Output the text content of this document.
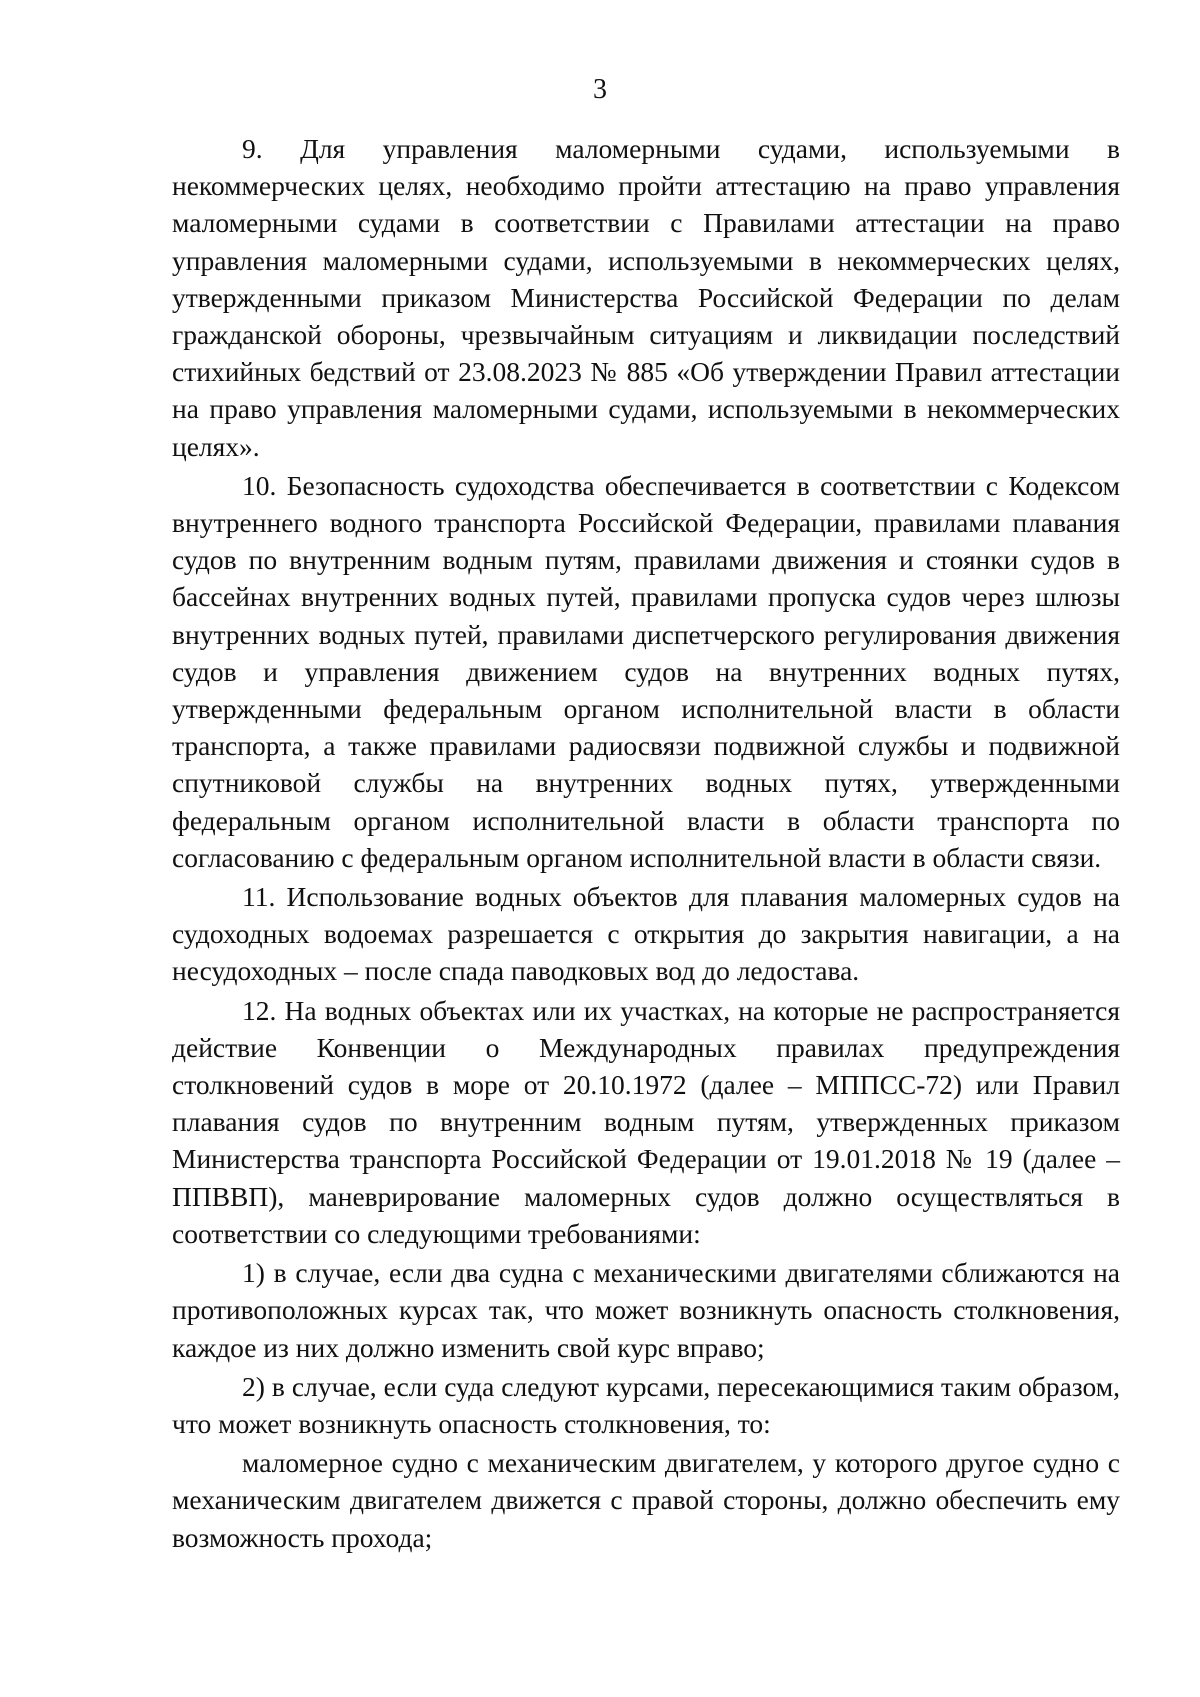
3

9. Для управления маломерными судами, используемыми в некоммерческих целях, необходимо пройти аттестацию на право управления маломерными судами в соответствии с Правилами аттестации на право управления маломерными судами, используемыми в некоммерческих целях, утвержденными приказом Министерства Российской Федерации по делам гражданской обороны, чрезвычайным ситуациям и ликвидации последствий стихийных бедствий от 23.08.2023 № 885 «Об утверждении Правил аттестации на право управления маломерными судами, используемыми в некоммерческих целях».

10. Безопасность судоходства обеспечивается в соответствии с Кодексом внутреннего водного транспорта Российской Федерации, правилами плавания судов по внутренним водным путям, правилами движения и стоянки судов в бассейнах внутренних водных путей, правилами пропуска судов через шлюзы внутренних водных путей, правилами диспетчерского регулирования движения судов и управления движением судов на внутренних водных путях, утвержденными федеральным органом исполнительной власти в области транспорта, а также правилами радиосвязи подвижной службы и подвижной спутниковой службы на внутренних водных путях, утвержденными федеральным органом исполнительной власти в области транспорта по согласованию с федеральным органом исполнительной власти в области связи.

11. Использование водных объектов для плавания маломерных судов на судоходных водоемах разрешается с открытия до закрытия навигации, а на несудоходных – после спада паводковых вод до ледостава.

12. На водных объектах или их участках, на которые не распространяется действие Конвенции о Международных правилах предупреждения столкновений судов в море от 20.10.1972 (далее – МППСС-72) или Правил плавания судов по внутренним водным путям, утвержденных приказом Министерства транспорта Российской Федерации от 19.01.2018 № 19 (далее – ППВВП), маневрирование маломерных судов должно осуществляться в соответствии со следующими требованиями:

1) в случае, если два судна с механическими двигателями сближаются на противоположных курсах так, что может возникнуть опасность столкновения, каждое из них должно изменить свой курс вправо;

2) в случае, если суда следуют курсами, пересекающимися таким образом, что может возникнуть опасность столкновения, то:

маломерное судно с механическим двигателем, у которого другое судно с механическим двигателем движется с правой стороны, должно обеспечить ему возможность прохода;
